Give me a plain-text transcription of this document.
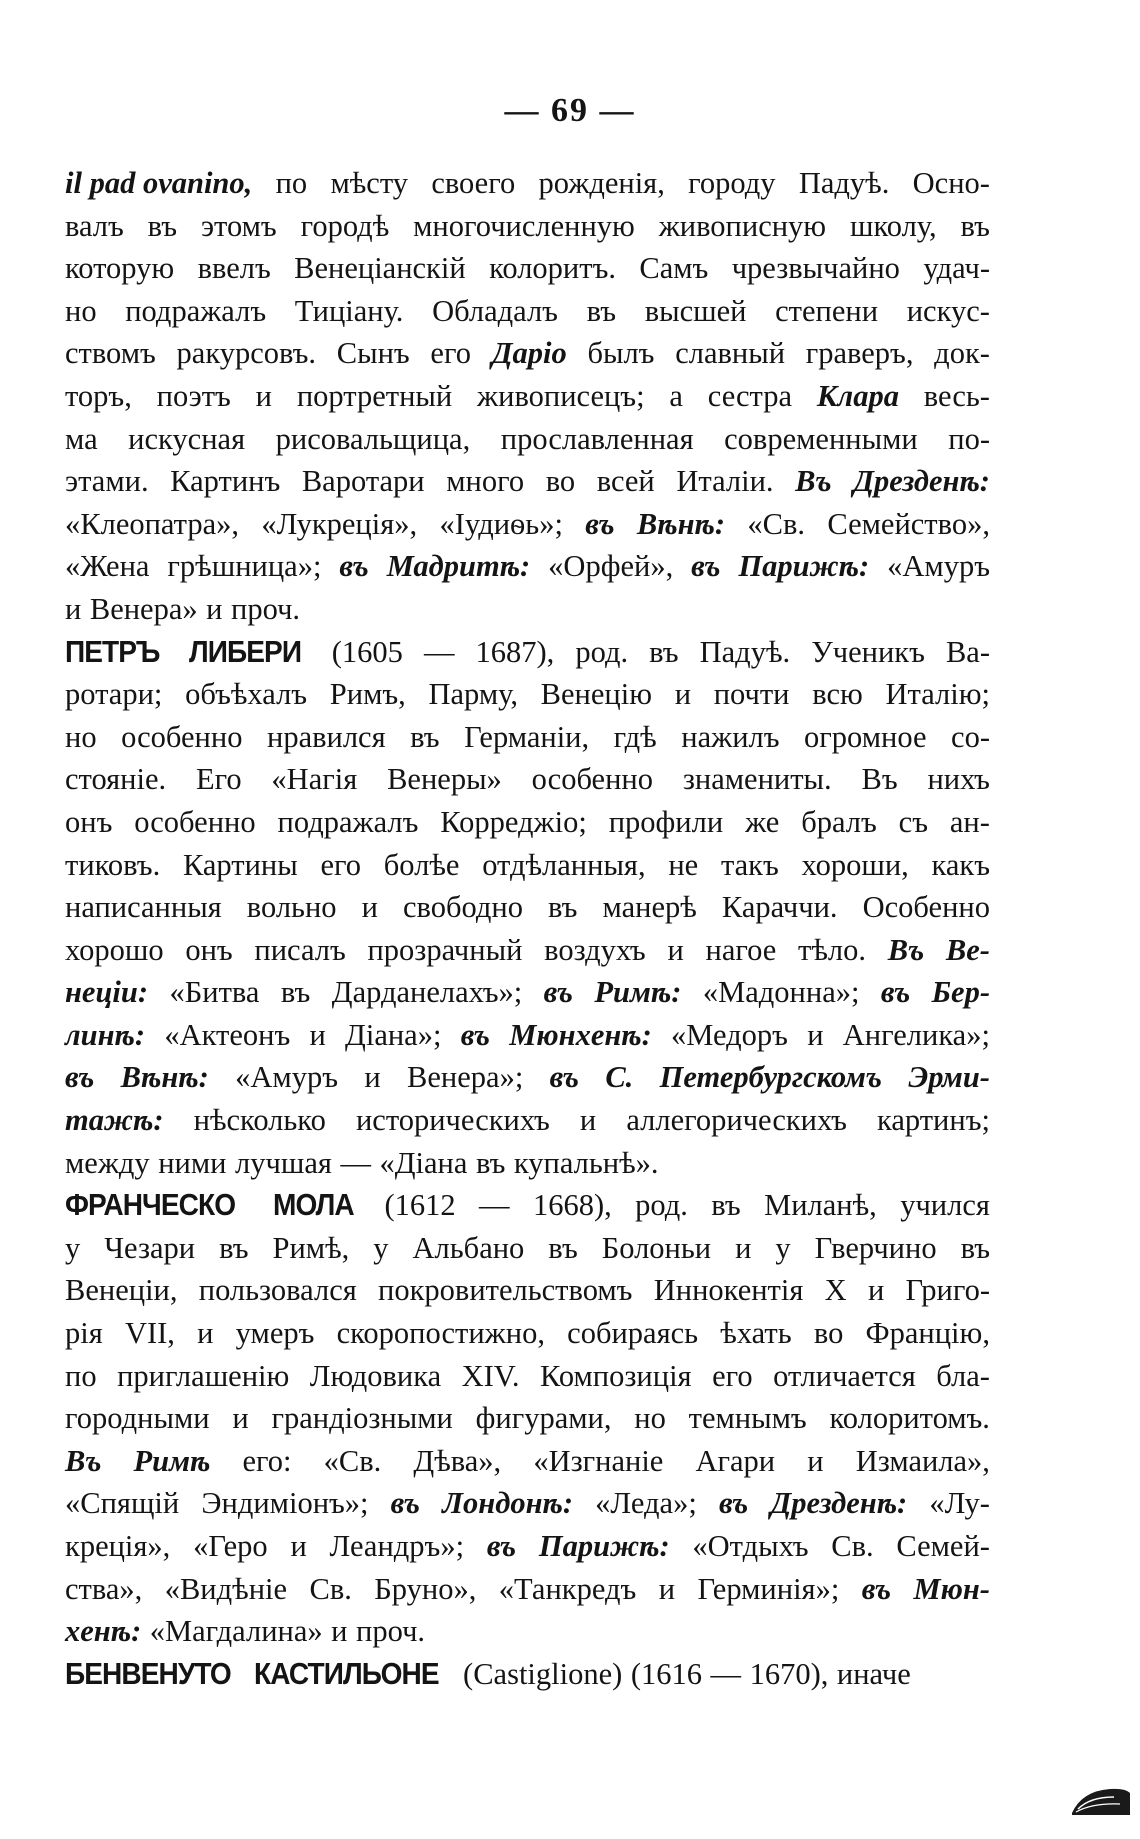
— 69 —
il pad ovanino, по мѣсту своего рожденія, городу Падуѣ. Осно-
валъ въ этомъ городѣ многочисленную живописную школу, въ
которую ввелъ Венеціанскій колоритъ. Самъ чрезвычайно удач-
но подражалъ Тиціану. Обладалъ въ высшей степени искус-
ствомъ ракурсовъ. Сынъ его Даріо былъ славный граверъ, док-
торъ, поэтъ и портретный живописецъ; а сестра Клара весь-
ма искусная рисовальщица, прославленная современными по-
этами. Картинъ Варотари много во всей Италіи. Въ Дрезденѣ:
«Клеопатра», «Лукреція», «Іудиѳь»; въ Вѣнѣ: «Св. Семейство»,
«Жена грѣшница»; въ Мадритѣ: «Орфей», въ Парижѣ: «Амуръ
и Венера» и проч.
ПЕТРЪ ЛИБЕРИ (1605 — 1687), род. въ Падуѣ. Ученикъ Ва-
ротари; объѣхалъ Римъ, Парму, Венецію и почти всю Италію;
но особенно нравился въ Германіи, гдѣ нажилъ огромное со-
стояніе. Его «Нагія Венеры» особенно знамениты. Въ нихъ
онъ особенно подражалъ Корреджіо; профили же бралъ съ ан-
тиковъ. Картины его болѣе отдѣланныя, не такъ хороши, какъ
написанныя вольно и свободно въ манерѣ Караччи. Особенно
хорошо онъ писалъ прозрачный воздухъ и нагое тѣло. Въ Ве-
неціи: «Битва въ Дарданелахъ»; въ Римѣ: «Мадонна»; въ Бер-
линѣ: «Актеонъ и Діана»; въ Мюнхенѣ: «Медоръ и Ангелика»;
въ Вѣнѣ: «Амуръ и Венера»; въ С. Петербургскомъ Эрми-
тажѣ: нѣсколько историческихъ и аллегорическихъ картинъ;
между ними лучшая — «Діана въ купальнѣ».
ФРАНЧЕСКО МОЛА (1612 — 1668), род. въ Миланѣ, учился
у Чезари въ Римѣ, у Альбано въ Болоньи и у Гверчино въ
Венеціи, пользовался покровительствомъ Иннокентія X и Григо-
рія VII, и умеръ скоропостижно, собираясь ѣхать во Францію,
по приглашенію Людовика XIV. Композиція его отличается бла-
городными и грандіозными фигурами, но темнымъ колоритомъ.
Въ Римѣ его: «Св. Дѣва», «Изгнаніе Агари и Измаила»,
«Спящій Эндиміонъ»; въ Лондонѣ: «Леда»; въ Дрезденѣ: «Лу-
креція», «Геро и Леандръ»; въ Парижѣ: «Отдыхъ Св. Семей-
ства», «Видѣніе Св. Бруно», «Танкредъ и Герминія»; въ Мюн-
хенѣ: «Магдалина» и проч.
БЕНВЕНУТО КАСТИЛЬОНЕ (Castiglione) (1616 — 1670), иначе
